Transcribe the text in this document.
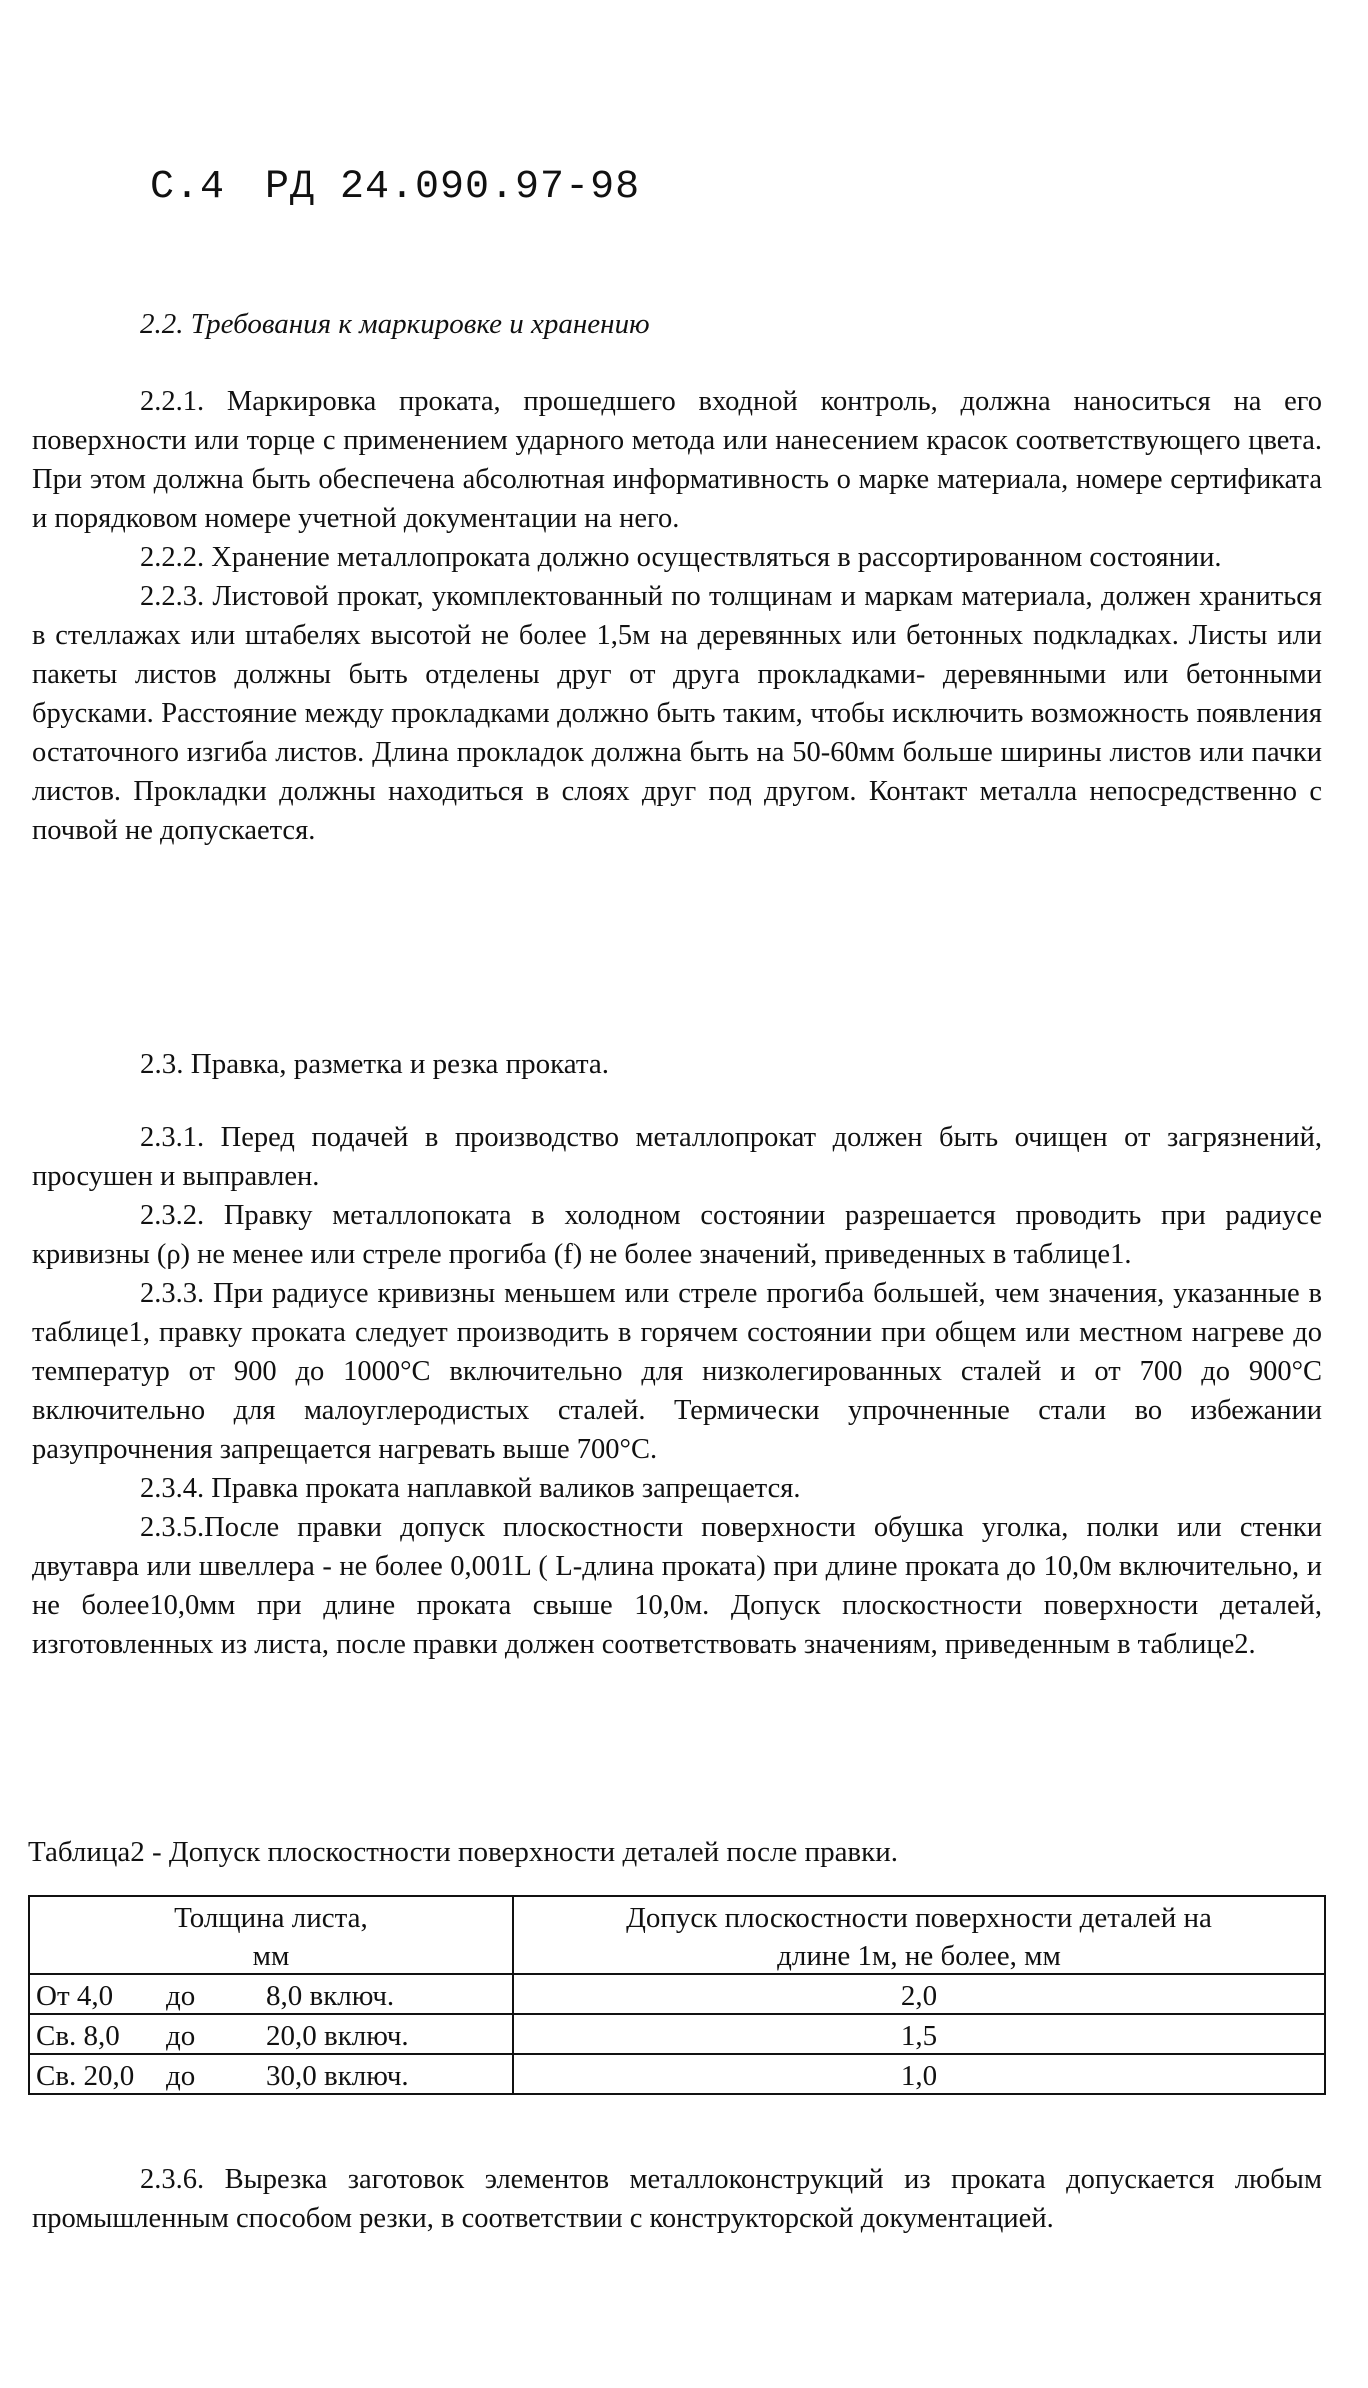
С.4 РД 24.090.97-98
2.2. Требования к маркировке и хранению

2.2.1. Маркировка проката, прошедшего входной контроль, должна наноситься на его поверхности или торце с применением ударного метода или нанесением красок соответствующего цвета. При этом должна быть обеспечена абсолютная информативность о марке материала, номере сертификата и порядковом номере учетной документации на него.

2.2.2. Хранение металлопроката должно осуществляться в рассортированном состоянии.

2.2.3. Листовой прокат, укомплектованный по толщинам и маркам материала, должен храниться в стеллажах или штабелях высотой не более 1,5м на деревянных или бетонных подкладках. Листы или пакеты листов должны быть отделены друг от друга прокладками- деревянными или бетонными брусками. Расстояние между прокладками должно быть таким, чтобы исключить возможность появления остаточного изгиба листов. Длина прокладок должна быть на 50-60мм больше ширины листов или пачки листов. Прокладки должны находиться в слоях друг под другом. Контакт металла непосредственно с почвой не допускается.

2.3. Правка, разметка и резка проката.

2.3.1. Перед подачей в производство металлопрокат должен быть очищен от загрязнений, просушен и выправлен.

2.3.2. Правку металлопоката в холодном состоянии разрешается проводить при радиусе кривизны (ρ) не менее или стреле прогиба (f) не более значений, приведенных в таблице1.

2.3.3. При радиусе кривизны меньшем или стреле прогиба большей, чем значения, указанные в таблице1, правку проката следует производить в горячем состоянии при общем или местном нагреве до температур от 900 до 1000°С включительно для низколегированных сталей и от 700 до 900°С включительно для малоуглеродистых сталей. Термически упрочненные стали во избежании разупрочнения запрещается нагревать выше 700°С.

2.3.4. Правка проката наплавкой валиков запрещается.

2.3.5.После правки допуск плоскостности поверхности обушка уголка, полки или стенки двутавра или швеллера - не более 0,001L ( L-длина проката) при длине проката до 10,0м включительно, и не более10,0мм при длине проката свыше 10,0м. Допуск плоскостности поверхности деталей, изготовленных из листа, после правки должен соответствовать значениям, приведенным в таблице2.

Таблица2 - Допуск плоскостности поверхности деталей после правки.
Толщина листа,	Допуск плоскостности поверхности деталей на
мм	длине 1м, не более, мм
От 4,0 до 8,0 включ.	2,0
Св. 8,0 до 20,0 включ.	1,5
Св. 20,0 до 30,0 включ.	1,0

2.3.6. Вырезка заготовок элементов металлоконструкций из проката допускается любым промышленным способом резки, в соответствии с конструкторской документацией.
